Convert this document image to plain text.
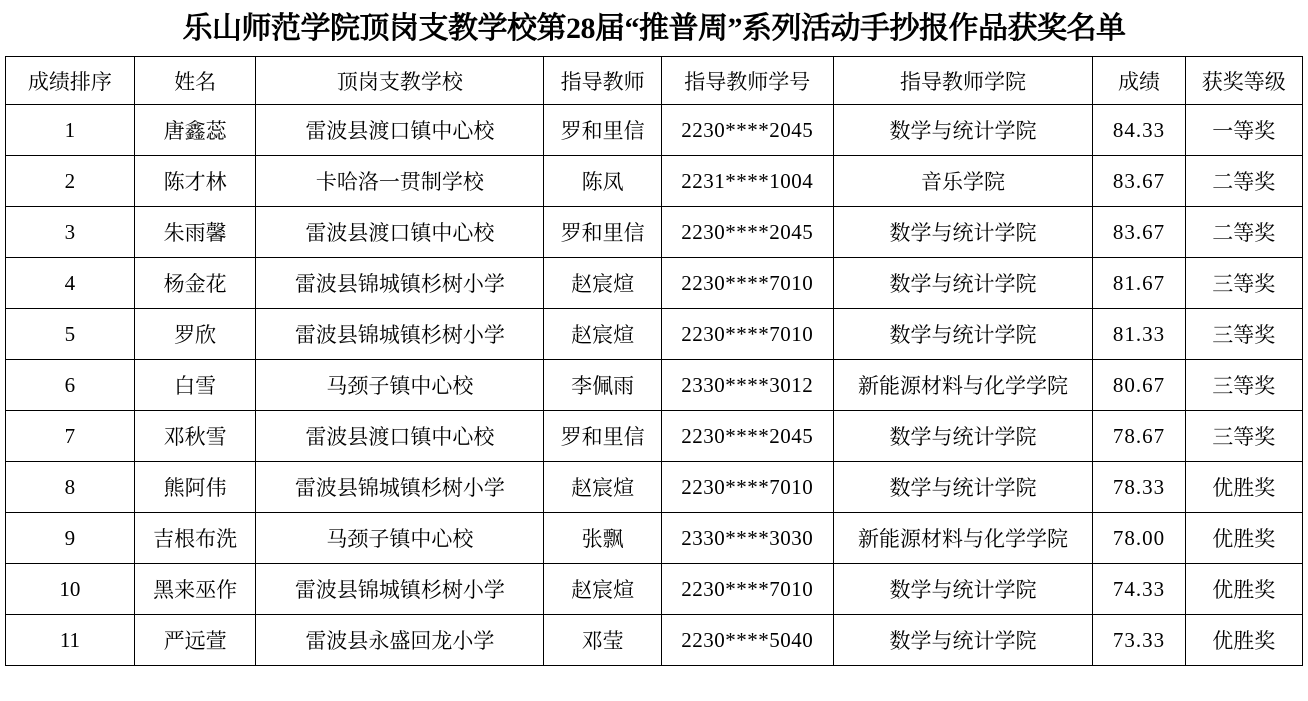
乐山师范学院顶岗支教学校第28届“推普周”系列活动手抄报作品获奖名单
成绩排序	姓名	顶岗支教学校	指导教师	指导教师学号	指导教师学院	成绩	获奖等级
1	唐鑫蕊	雷波县渡口镇中心校	罗和里信	2230****2045	数学与统计学院	84.33	一等奖
2	陈才林	卡哈洛一贯制学校	陈凤	2231****1004	音乐学院	83.67	二等奖
3	朱雨馨	雷波县渡口镇中心校	罗和里信	2230****2045	数学与统计学院	83.67	二等奖
4	杨金花	雷波县锦城镇杉树小学	赵宸煊	2230****7010	数学与统计学院	81.67	三等奖
5	罗欣	雷波县锦城镇杉树小学	赵宸煊	2230****7010	数学与统计学院	81.33	三等奖
6	白雪	马颈子镇中心校	李佩雨	2330****3012	新能源材料与化学学院	80.67	三等奖
7	邓秋雪	雷波县渡口镇中心校	罗和里信	2230****2045	数学与统计学院	78.67	三等奖
8	熊阿伟	雷波县锦城镇杉树小学	赵宸煊	2230****7010	数学与统计学院	78.33	优胜奖
9	吉根布洗	马颈子镇中心校	张飘	2330****3030	新能源材料与化学学院	78.00	优胜奖
10	黑来巫作	雷波县锦城镇杉树小学	赵宸煊	2230****7010	数学与统计学院	74.33	优胜奖
11	严远萱	雷波县永盛回龙小学	邓莹	2230****5040	数学与统计学院	73.33	优胜奖
